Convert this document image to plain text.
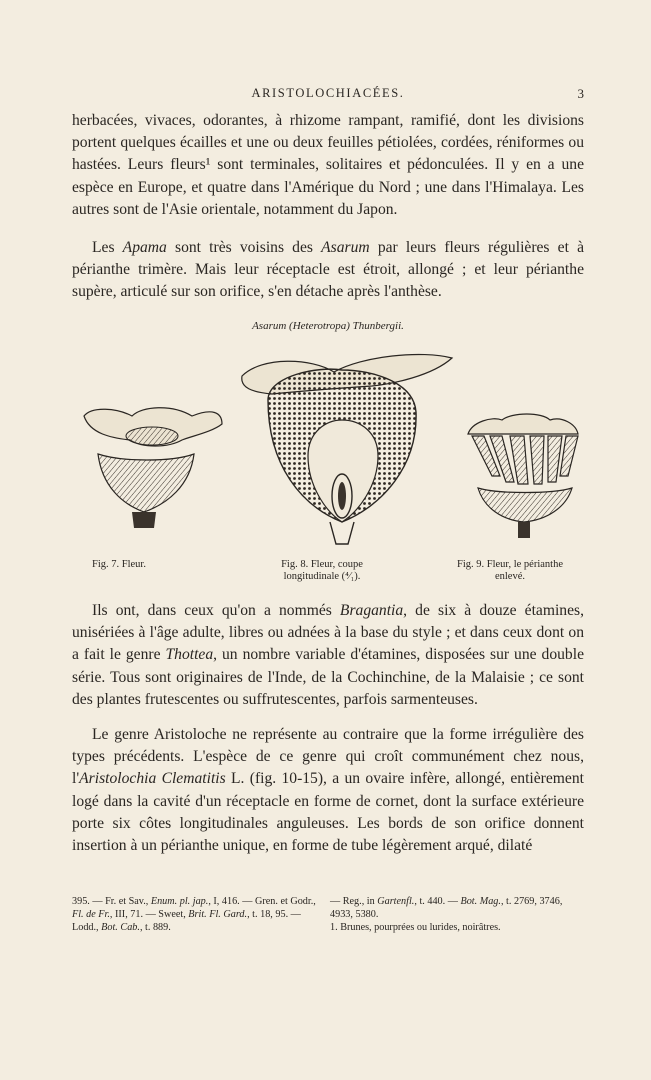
ARISTOLOCHIACÉES.	3

herbacées, vivaces, odorantes, à rhizome rampant, ramifié, dont les divisions portent quelques écailles et une ou deux feuilles pétiolées, cordées, réniformes ou hastées. Leurs fleurs¹ sont terminales, solitaires et pédonculées. Il y en a une espèce en Europe, et quatre dans l'Amérique du Nord ; une dans l'Himalaya. Les autres sont de l'Asie orientale, notamment du Japon.

Les Apama sont très voisins des Asarum par leurs fleurs régulières et à périanthe trimère. Mais leur réceptacle est étroit, allongé ; et leur périanthe supère, articulé sur son orifice, s'en détache après l'anthèse.

Asarum (Heterotropa) Thunbergii.
Fig. 7. Fleur.	Fig. 8. Fleur, coupe
longitudinale (⁴⁄₁).
Fig. 9. Fleur, le périanthe
enlevé.

Ils ont, dans ceux qu'on a nommés Bragantia, de six à douze étamines, unisériées à l'âge adulte, libres ou adnées à la base du style ; et dans ceux dont on a fait le genre Thottea, un nombre variable d'étamines, disposées sur une double série. Tous sont originaires de l'Inde, de la Cochinchine, de la Malaisie ; ce sont des plantes frutescentes ou suffrutescentes, parfois sarmenteuses.

Le genre Aristoloche ne représente au contraire que la forme irrégulière des types précédents. L'espèce de ce genre qui croît communément chez nous, l'Aristolochia Clematitis L. (fig. 10-15), a un ovaire infère, allongé, entièrement logé dans la cavité d'un réceptacle en forme de cornet, dont la surface extérieure porte six côtes longitudinales anguleuses. Les bords de son orifice donnent insertion à un périanthe unique, en forme de tube légèrement arqué, dilaté

395. — Fr. et Sav., Enum. pl. jap., I, 416. — Gren. et Godr., Fl. de Fr., III, 71. — Sweet, Brit. Fl. Gard., t. 18, 95. — Lodd., Bot. Cab., t. 889.
— Reg., in Gartenfl., t. 440. — Bot. Mag., t. 2769, 3746, 4933, 5380.
1. Brunes, pourprées ou lurides, noirâtres.
